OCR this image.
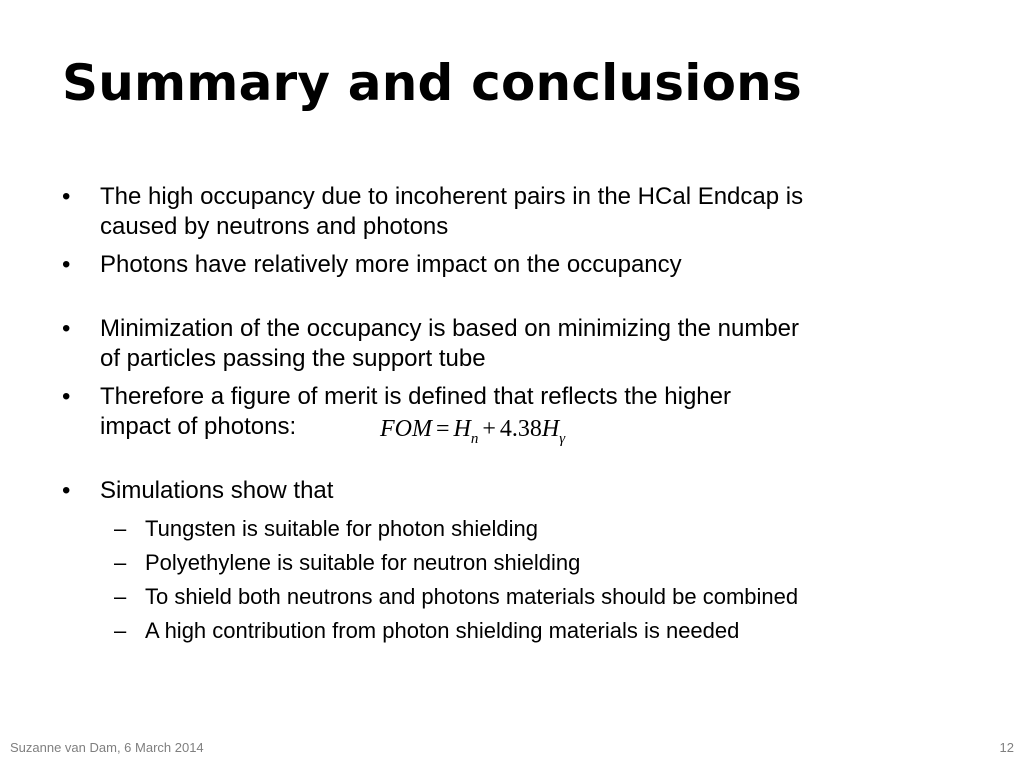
Summary and conclusions
•	The high occupancy due to incoherent pairs in the HCal Endcap is
caused by neutrons and photons
•	Photons have relatively more impact on the occupancy
•	Minimization of the occupancy is based on minimizing the number
of particles passing the support tube
•	Therefore a figure of merit is defined that reflects the higher
impact of photons:	FOM = $H_n + 4.38H_\gamma$
•	Simulations show that
– Tungsten is suitable for photon shielding
– Polyethylene is suitable for neutron shielding
– To shield both neutrons and photons materials should be combined
– A high contribution from photon shielding materials is needed
Suzanne van Dam, 6 March 2014	12
